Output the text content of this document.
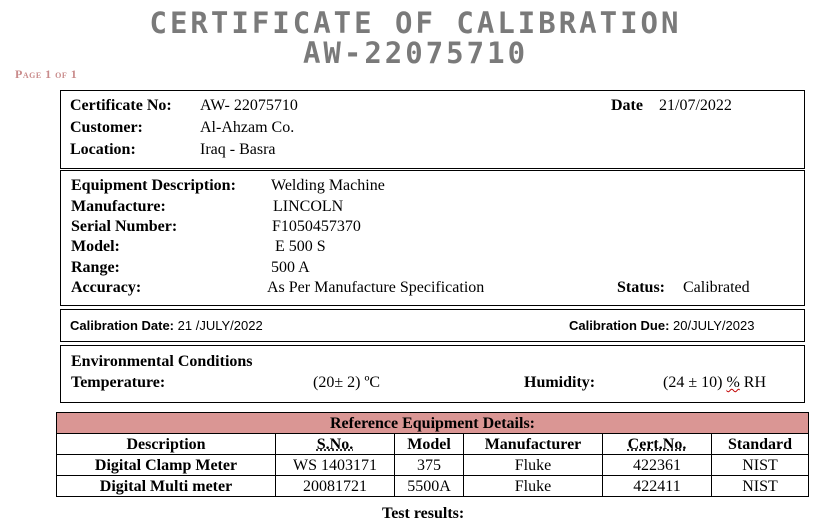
CERTIFICATE OF CALIBRATION
AW-22075710
Page 1 of 1
Certificate No: AW- 22075710	Date 21/07/2022
Customer:	Al-Ahzam Co.
Location:	Iraq - Basra
Equipment Description: Welding Machine
Manufacture:	LINCOLN
Serial Number:	F1050457370
Model:	E 500 S
Range:	500 A
Accuracy:	As Per Manufacture Specification	Status: Calibrated
Calibration Date: 21 /JULY/2022	Calibration Due: 20/JULY/2023
Environmental Conditions
Temperature:	(20± 2) ºC	Humidity:	(24 ± 10) % RH
Reference Equipment Details:					
Description	S.No.	Model	Manufacturer	Cert.No.	Standard
Digital Clamp Meter	WS 1403171	375	Fluke	422361	NIST
Digital Multi meter	20081721	5500A	Fluke	422411	NIST
Test results:
